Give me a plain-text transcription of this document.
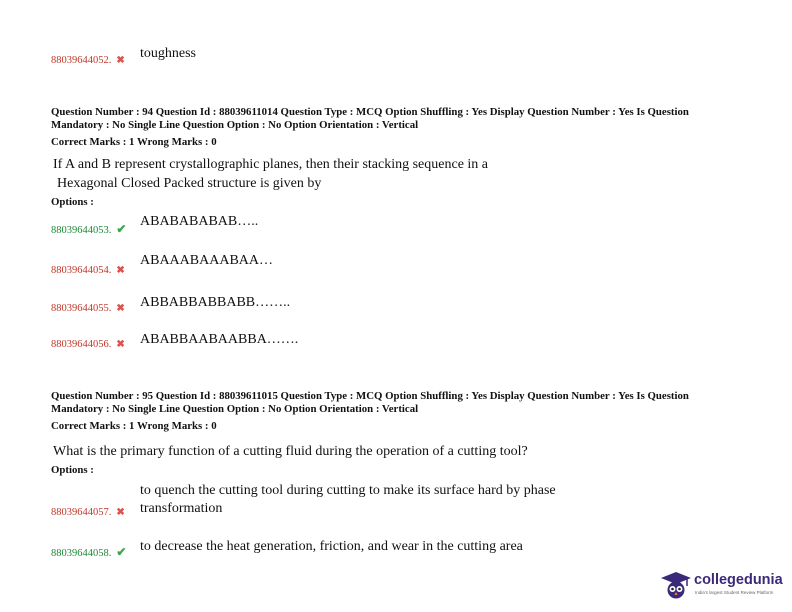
88039644052. ✖ toughness
Question Number : 94 Question Id : 88039611014 Question Type : MCQ Option Shuffling : Yes Display Question Number : Yes Is Question Mandatory : No Single Line Question Option : No Option Orientation : Vertical
Correct Marks : 1 Wrong Marks : 0
If A and B represent crystallographic planes, then their stacking sequence in a
Hexagonal Closed Packed structure is given by
Options :
88039644053. ✔ ABABABABAB…..
88039644054. ✖
ABAAABAAABAA…
88039644055. ✖ ABBABBABBABB……..
88039644056. ✖ ABABBAABAABBA…….
Question Number : 95 Question Id : 88039611015 Question Type : MCQ Option Shuffling : Yes Display Question Number : Yes Is Question Mandatory : No Single Line Question Option : No Option Orientation : Vertical
Correct Marks : 1 Wrong Marks : 0
What is the primary function of a cutting fluid during the operation of a cutting tool?
Options :
to quench the cutting tool during cutting to make its surface hard by phase
88039644057. ✖ transformation
88039644058. ✔ to decrease the heat generation, friction, and wear in the cutting area
collegedunia
India's largest Student Review Platform
